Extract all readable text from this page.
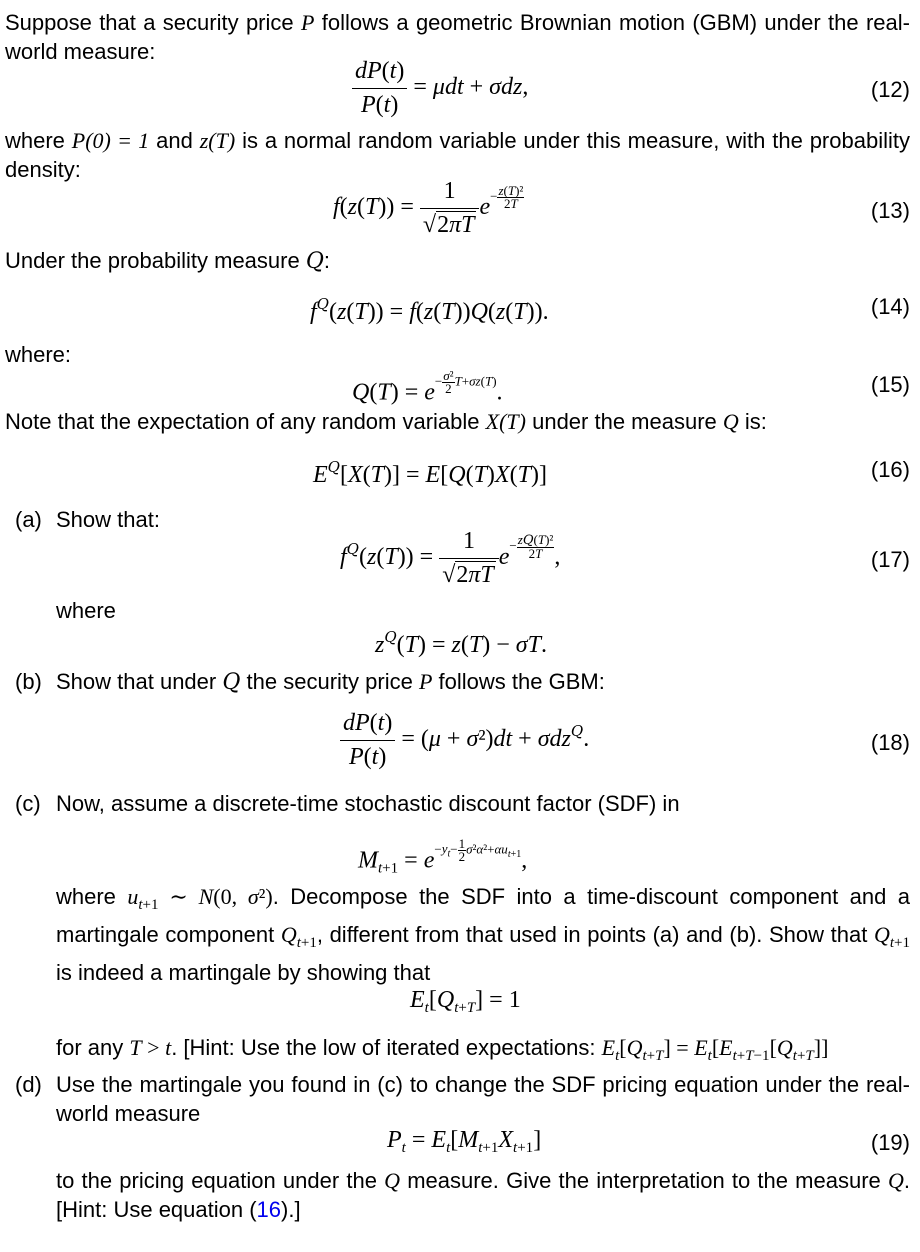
Suppose that a security price P follows a geometric Brownian motion (GBM) under the real-world measure:
$\frac{dP(t)}{P(t)} = \mu dt + \sigma dz$,	(12)
where P(0) = 1 and z(T) is a normal random variable under this measure, with the probability density:
$f(z(T)) = \frac{1}{√2\pi T} e- \frac{\text{z(T)²}}{2T}$
(13)
Under the probability measure Q:
$f^Q(z(T)) = f(z(T))Q(z(T))$.	(14)
where:
$Q(T) = e- \frac{\text{σ²}}{2} T+\sigma z(T)$.	(15)
Note that the expectation of any random variable X(T) under the measure Q is:
$E^Q[X(T)] = E[Q(T)X(T)]$	(16)
(a) Show that:
$f^Q(z(T)) = \frac{1}{√2\pi T} e- \frac{\text{zQ(T)²}}{2T}$ ,	(17)
where
$z^Q(T) = z(T) - \sigma T$.
(b) Show that under Q the security price P follows the GBM:
$\frac{dP(t)}{P(t)} = (\mu + \sigma^2)dt + \sigma dz^Q$.	(18)
(c) Now, assume a discrete-time stochastic discount factor (SDF) in
$M_{t+1} = e-y_t- \frac{1}{2} \sigma^2\alpha^2+\alpha u_{t+1}$,
where $u_{t+1}$ ∼ N(0, σ²). Decompose the SDF into a time-discount component and a martingale component $Q_{t+1}$, different from that used in points (a) and (b). Show that $Q_{t+1}$ is indeed a martingale by showing that
$E_t[Q_{t+T}] = 1$
for any T > t. [Hint: Use the low of iterated expectations: $E_t[Q_{t+T}] = E_t[E_{t+T-1}[Q_{t+T}]]$
(d) Use the martingale you found in (c) to change the SDF pricing equation under the real-world measure
$P_t = E_t[M_{t+1}X_{t+1}]$	(19)
to the pricing equation under the Q measure. Give the interpretation to the measure Q. [Hint: Use equation (16).]
